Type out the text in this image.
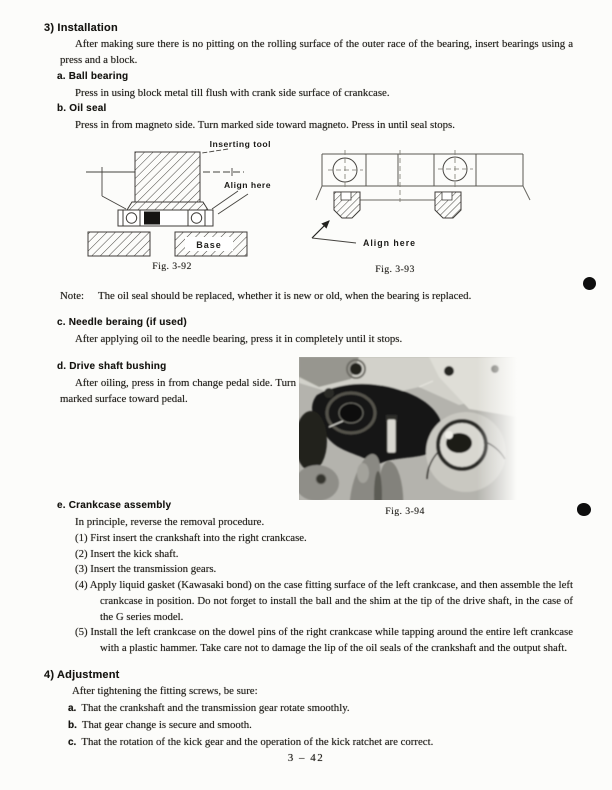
3) Installation
After making sure there is no pitting on the rolling surface of the outer race of the bearing, insert bearings using a press and a block.
a. Ball bearing
Press in using block metal till flush with crank side surface of crankcase.
b. Oil seal
Press in from magneto side. Turn marked side toward magneto. Press in until seal stops.
Base
Inserting tool
Align here
Fig. 3-92
Align here
Fig. 3-93
Note: The oil seal should be replaced, whether it is new or old, when the bearing is replaced.
c. Needle beraing (if used)
After applying oil to the needle bearing, press it in completely until it stops.
d. Drive shaft bushing
After oiling, press in from change pedal side. Turn marked surface toward pedal.
Fig. 3-94
e. Crankcase assembly
In principle, reverse the removal procedure.
(1) First insert the crankshaft into the right crankcase.
(2) Insert the kick shaft.
(3) Insert the transmission gears.
(4) Apply liquid gasket (Kawasaki bond) on the case fitting surface of the left crankcase, and then assemble the left crankcase in position. Do not forget to install the ball and the shim at the tip of the drive shaft, in the case of the G series model.
(5) Install the left crankcase on the dowel pins of the right crankcase while tapping around the entire left crankcase with a plastic hammer. Take care not to damage the lip of the oil seals of the crankshaft and the output shaft.
4) Adjustment
After tightening the fitting screws, be sure:
a. That the crankshaft and the transmission gear rotate smoothly.
b. That gear change is secure and smooth.
c. That the rotation of the kick gear and the operation of the kick ratchet are correct.
3 – 42
